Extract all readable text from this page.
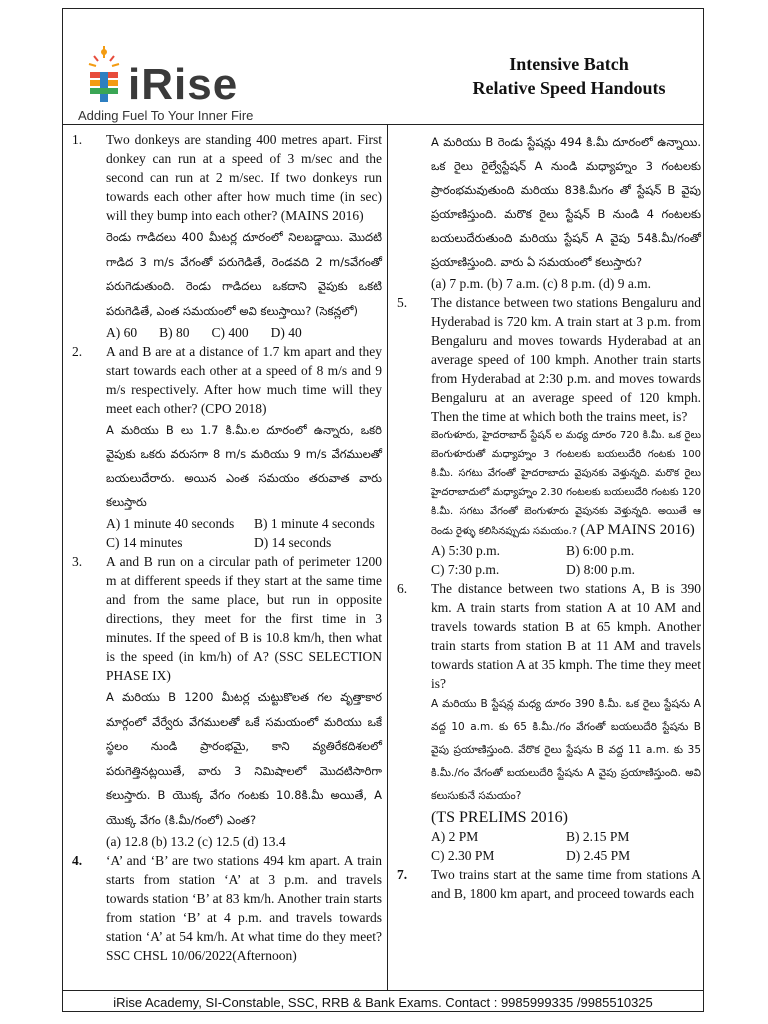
iRise
Adding Fuel To Your Inner Fire
Intensive Batch
Relative Speed Handouts
1. Two donkeys are standing 400 metres apart. First donkey can run at a speed of 3 m/sec and the second can run at 2 m/sec. If two donkeys run towards each other after how much time (in sec) will they bump into each other? (MAINS 2016)

రెండు గాడిదలు 400 మీటర్ల దూరంలో నిలబడ్డాయి. మొదటి గాడిద 3 m/s వేగంతో పరుగెడితే, రెండవది 2 m/sవేగంతో పరుగెడుతుంది. రెండు గాడిదలు ఒకదాని వైపుకు ఒకటి పరుగెడితే, ఎంత సమయంలో అవి కలుస్తాయి? (సెకన్లలో)

A) 60 B) 80 C) 400 D) 40
2. A and B are at a distance of 1.7 km apart and they start towards each other at a speed of 8 m/s and 9 m/s respectively. After how much time will they meet each other? (CPO 2018)

A మరియు B లు 1.7 కి.మీ.ల దూరంలో ఉన్నారు, ఒకరి వైపుకు ఒకరు వరుసగా 8 m/s మరియు 9 m/s వేగములతో బయలుదేరారు. అయిన ఎంత సమయం తరువాత వారు కలుస్తారు

A) 1 minute 40 seconds	B) 1 minute 4 seconds
C) 14 minutes	D) 14 seconds
3. A and B run on a circular path of perimeter 1200 m at different speeds if they start at the same time and from the same place, but run in opposite directions, they meet for the first time in 3 minutes. If the speed of B is 10.8 km/h, then what is the speed (in km/h) of A? (SSC SELECTION PHASE IX)

A మరియు B 1200 మీటర్ల చుట్టుకొలత గల వృత్తాకార మార్గంలో వేర్వేరు వేగములతో ఒకే సమయంలో మరియు ఒకే స్థలం నుండి ప్రారంభమై, కాని వ్యతిరేకదిశలలో పరుగెత్తినట్లయితే, వారు 3 నిమిషాలలో మొదటిసారిగా కలుస్తారు. B యొక్క వేగం గంటకు 10.8కి.మీ అయితే, A యొక్క వేగం (కి.మీ/గంలో) ఎంత?

(a) 12.8 (b) 13.2 (c) 12.5 (d) 13.4

4. ‘A’ and ‘B’ are two stations 494 km apart. A train starts from station ‘A’ at 3 p.m. and travels towards station ‘B’ at 83 km/h. Another train starts from station ‘B’ at 4 p.m. and travels towards station ‘A’ at 54 km/h. At what time do they meet? SSC CHSL 10/06/2022(Afternoon)

A మరియు B రెండు స్టేషన్లు 494 కి.మీ దూరంలో ఉన్నాయి. ఒక రైలు రైల్వేస్టేషన్ A నుండి మధ్యాహ్నం 3 గంటలకు ప్రారంభమవుతుంది మరియు 83కి.మీగం తో స్టేషన్ B వైపు ప్రయాణిస్తుంది. మరొక రైలు స్టేషన్ B నుండి 4 గంటలకు బయలుదేరుతుంది మరియు స్టేషన్ A వైపు 54కి.మీ/గంతో ప్రయాణిస్తుంది. వారు ఏ సమయంలో కలుస్తారు?

(a) 7 p.m. (b) 7 a.m. (c) 8 p.m. (d) 9 a.m.

5. The distance between two stations Bengaluru and Hyderabad is 720 km. A train start at 3 p.m. from Bengaluru and moves towards Hyderabad at an average speed of 100 kmph. Another train starts from Hyderabad at 2:30 p.m. and moves towards Bengaluru at an average speed of 120 kmph. Then the time at which both the trains meet, is?

బెంగుళూరు, హైదరాబాద్ స్టేషన్ ల మధ్య దూరం 720 కి.మీ. ఒక రైలు బెంగుళూరుతో మధ్యాహ్నం 3 గంటలకు బయలుదేరి గంటకు 100 కి.మీ. సగటు వేగంతో హైదరాబాదు వైపునకు వెళ్తున్నది. మరొక రైలు హైదరాబాదులో మధ్యాహ్నం 2.30 గంటలకు బయలుదేరి గంటకు 120 కి.మీ. సగటు వేగంతో బెంగుళూరు వైపునకు వెళ్తున్నది. అయితే ఆ రెండు రైళ్ళు కలిసినప్పుడు సమయం.? (AP MAINS 2016)

A) 5:30 p.m.	B) 6:00 p.m.
C) 7:30 p.m.	D) 8:00 p.m.
6. The distance between two stations A, B is 390 km. A train starts from station A at 10 AM and travels towards station B at 65 kmph. Another train starts from station B at 11 AM and travels towards station A at 35 kmph. The time they meet is?

A మరియు B స్టేషన్ల మధ్య దూరం 390 కి.మీ. ఒక రైలు స్టేషను A వద్ద 10 a.m. కు 65 కి.మీ./గం వేగంతో బయలుదేరి స్టేషను B వైపు ప్రయాణిస్తుంది. వేరొక రైలు స్టేషను B వద్ద 11 a.m. కు 35 కి.మీ./గం వేగంతో బయలుదేరి స్టేషను A వైపు ప్రయాణిస్తుంది. అవి కలుసుకునే సమయం?

(TS PRELIMS 2016)

A) 2 PM	B) 2.15 PM
C) 2.30 PM	D) 2.45 PM
7. Two trains start at the same time from stations A and B, 1800 km apart, and proceed towards each

iRise Academy, SI-Constable, SSC, RRB & Bank Exams. Contact : 9985999335 /9985510325
